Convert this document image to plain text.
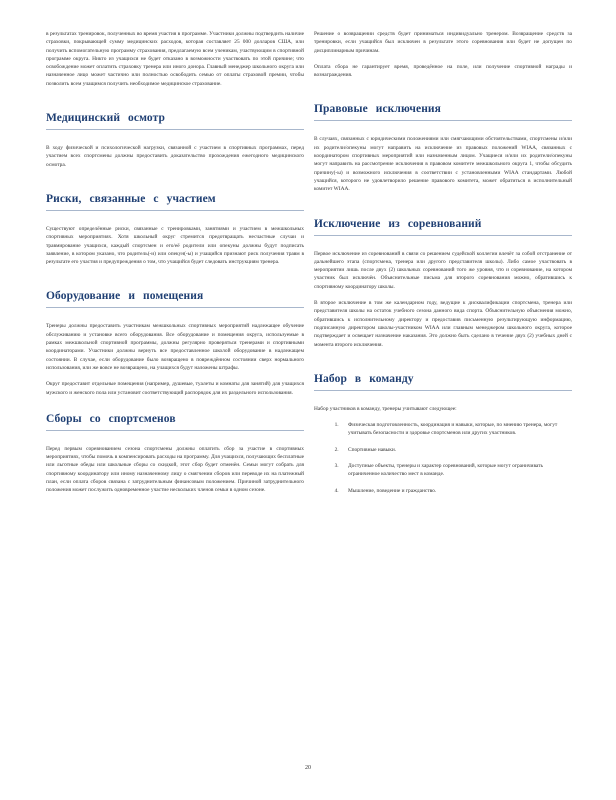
в результатах тренировок, полученных во время участия в программе. Участники должны подтвердить наличие страховки, покрывающей сумму медицинских расходов, которая составляет 25 000 долларов США, или получить вспомогательную программу страхования, предлагаемую всем ученикам, участвующим в спортивной программе округа. Никто из учащихся не будет отказано в возможности участвовать по этой причине; что освобождение может оплатить страховку тренера или иного донора. Главный менеджер школьного округа или назначенное лицо может частично или полностью освободить семью от оплаты страховой премии, чтобы позволить всем учащимся получить необходимое медицинское страхование.

Медицинский осмотр

В ходу физической и психологической нагрузки, связанной с участием в спортивных программах, перед участием всех спортсмены должны предоставить доказательство прохождения ежегодного медицинского осмотра.

Риски, связанные с участием

Существуют определённые риски, связанные с тренировками, занятиями и участием в межшкольных спортивных мероприятиях. Хотя школьный округ стремится предотвращать несчастные случаи и травмирование учащихся, каждый спортсмен и его/её родители или опекуны должны будут подписать заявление, в котором указано, что родитель(-и) или опекун(-ы) и учащийся признают риск получения травм в результате его участия и предупреждения о том, что учащийся будет следовать инструкциям тренера.

Оборудование и помещения

Тренеры должны предоставить участникам межшкольных спортивных мероприятий надлежащее обучение обслуживанию и установке всего оборудования. Все оборудование и помещения округа, используемые в рамках межшкольной спортивной программы, должны регулярно проверяться тренерами и спортивными координаторами. Участники должны вернуть все предоставленное школой оборудование в надлежащем состоянии. В случае, если оборудование было возвращено в повреждённом состоянии сверх нормального использования, или же вовсе не возвращено, на учащихся будут наложены штрафы.

Округ предоставит отдельные помещения (например, душевые, туалеты и комнаты для занятий) для учащихся мужского и женского пола или установит соответствующий распорядок для их раздельного использования.

Сборы со спортсменов

Перед первым соревнованием сезона спортсмены должны оплатить сбор за участие в спортивных мероприятиях, чтобы помочь в компенсировать расходы на программу. Для учащихся, получающих бесплатные или льготные обеды или школьные сборы со скидкой, этот сбор будет отменён. Семьи могут собрать для спортивному координатору или иному назначенному лицу о смягчении сборов или переводе их на платежный план, если оплата сборов связана с затруднительным финансовым положением. Причиной затруднительного положения может послужить одновременное участие нескольких членов семьи в одном сезоне.

Решение о возвращении средств будет приниматься индивидуально тренером. Возвращение средств за тренировки, если учащийся был исключен в результате этого соревнования или будет не допущен по дисциплинарным причинам.

Оплата сбора не гарантирует время, проведённое на поле, или получение спортивной награды и вознаграждения.

Правовые исключения

В случаях, связанных с юридическими положениями или смягчающими обстоятельствами, спортсмены и/или их родители/опекуны могут направить на исключение из правовых положений WIAA, связанных с координатором спортивных мероприятий или назначенным лицом. Учащиеся и/или их родители/опекуны могут направить на рассмотрение исключения в правовом комитете межшкольного округа 1, чтобы обсудить причину(-ы) и возможного исключения в соответствии с установленными WIAA стандартами. Любой учащийся, которого не удовлетворило решение правового комитета, может обратиться в исполнительный комитет WIAA.

Исключение из соревнований

Первое исключение из соревнований в связи со решением судейской коллегии влечёт за собой отстранение от дальнейшего этапа (спортсмена, тренера или другого представителя школы). Либо самое участвовать в мероприятии лишь после двух (2) школьных соревнований того же уровня, что и соревнование, на котором участник был исключён. Объяснительные письма для второго соревнования можно, обратившись к спортивному координатору школы.

В второе исключение в том же календарном году, ведущие к дисквалификации спортсмена, тренера или представителя школы на остаток учебного сезона данного вида спорта. Объяснительную объяснения можно, обратившись к исполнительному директору и предоставив письменную результирующую информацию, подписанную директором школы-участником WIAA или главным менеджером школьного округа, которое подтверждает и освещает назначение наказания. Это должно быть сделано в течение двух (2) учебных дней с момента второго исключения.

Набор в команду

Набор участников в команду, тренеры учитывают следующее:

1. Физическая подготовленность, координация и навыки, которые, по мнению тренера, могут учитывать безопасности и здоровье спортсменов или других участников.
2. Спортивные навыки.
3. Доступные объекты, тренеры и характер соревнований, которые могут ограничивать ограниченное количество мест в команде.
4. Мышление, поведение и гражданство.
20
